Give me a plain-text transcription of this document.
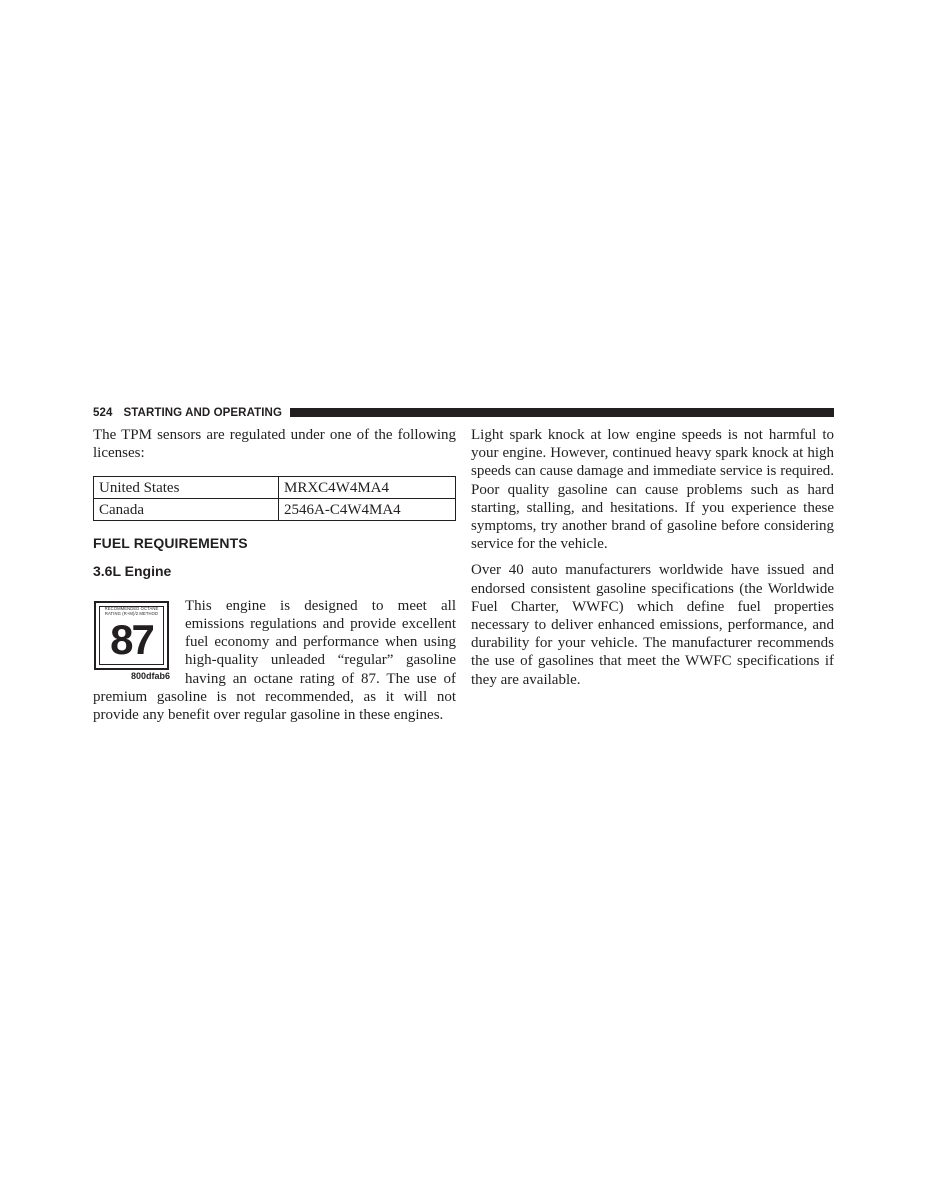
524 STARTING AND OPERATING

The TPM sensors are regulated under one of the following licenses:

United States	MRXC4W4MA4
Canada	2546A-C4W4MA4
FUEL REQUIREMENTS
3.6L Engine
RECOMMENDED OCTANE RATING (R+M)/2 METHOD
87
800dfab6

This engine is designed to meet all emissions regulations and provide excellent fuel economy and performance when using high-quality unleaded “regular” gasoline having an octane rating of 87. The use of premium gasoline is not recommended, as it will not provide any benefit over regular gasoline in these engines.

Light spark knock at low engine speeds is not harmful to your engine. However, continued heavy spark knock at high speeds can cause damage and immediate service is required. Poor quality gasoline can cause problems such as hard starting, stalling, and hesitations. If you experience these symptoms, try another brand of gasoline before considering service for the vehicle.

Over 40 auto manufacturers worldwide have issued and endorsed consistent gasoline specifications (the Worldwide Fuel Charter, WWFC) which define fuel properties necessary to deliver enhanced emissions, performance, and durability for your vehicle. The manufacturer recommends the use of gasolines that meet the WWFC specifications if they are available.
